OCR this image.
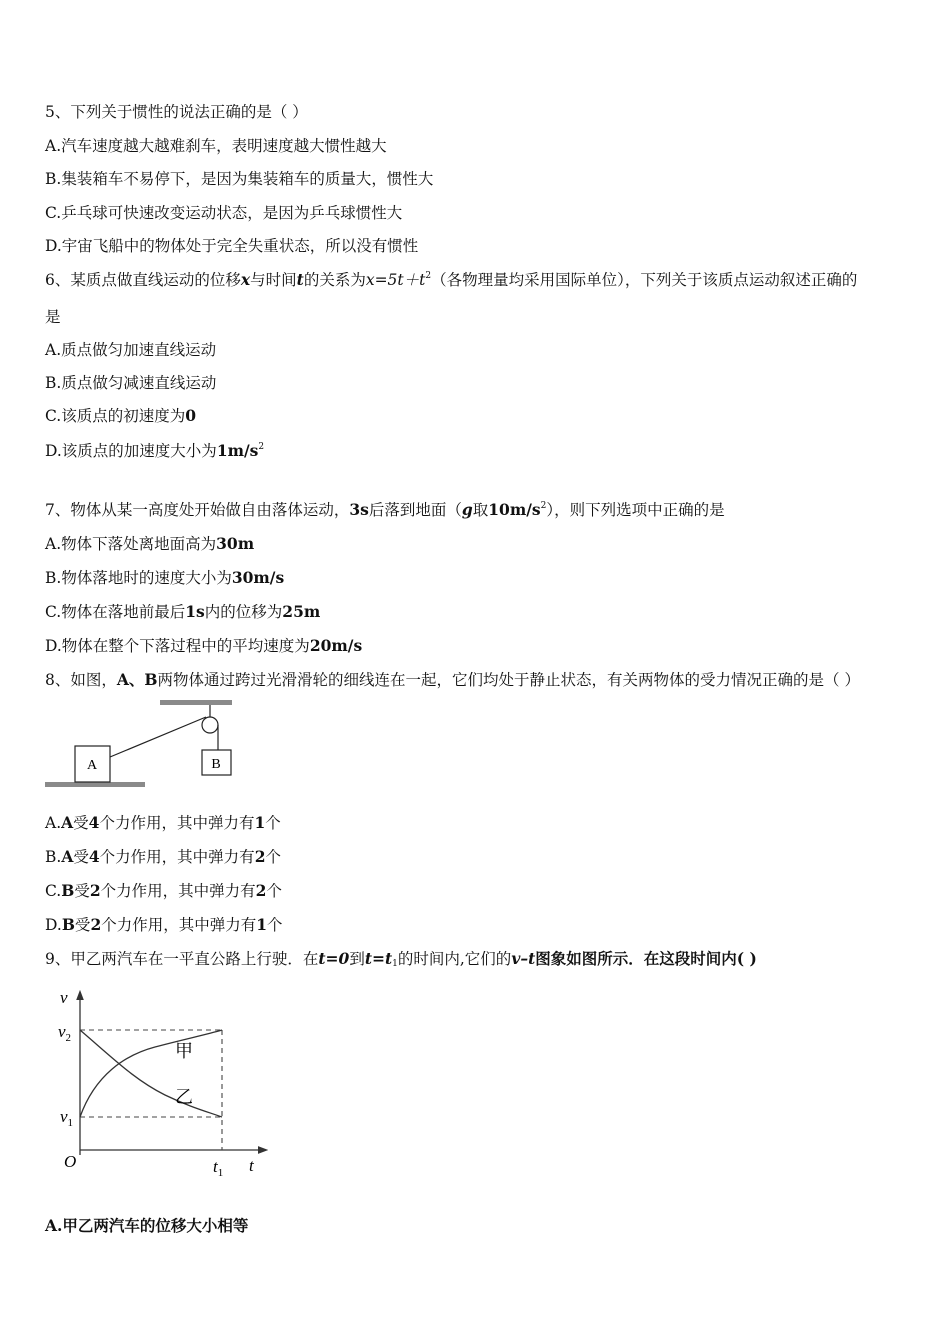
5、下列关于惯性的说法正确的是（ ）
A.汽车速度越大越难刹车，表明速度越大惯性越大
B.集装箱车不易停下，是因为集装箱车的质量大，惯性大
C.乒乓球可快速改变运动状态，是因为乒乓球惯性大
D.宇宙飞船中的物体处于完全失重状态，所以没有惯性
6、某质点做直线运动的位移x与时间t的关系为$x=5t+t^2$（各物理量均采用国际单位），下列关于该质点运动叙述正确的
是
A.质点做匀加速直线运动
B.质点做匀减速直线运动
C.该质点的初速度为0
D.该质点的加速度大小为$1m/s^2$
7、物体从某一高度处开始做自由落体运动，3s后落到地面（g取$10m/s^2$），则下列选项中正确的是
A.物体下落处离地面高为30m
B.物体落地时的速度大小为30m/s
C.物体在落地前最后1s内的位移为25m
D.物体在整个下落过程中的平均速度为20m/s
8、如图，A、B两物体通过跨过光滑滑轮的细线连在一起，它们均处于静止状态，有关两物体的受力情况正确的是（ ）
A	B
A.A受4个力作用，其中弹力有1个
B.A受4个力作用，其中弹力有2个
C.B受2个力作用，其中弹力有2个
D.B受2个力作用，其中弹力有1个
9、甲乙两汽车在一平直公路上行驶．在t=0到$t=t_1$的时间内,它们的v–t图象如图所示．在这段时间内( )
v
$v_2$
$v_1$
O	$t_1$ t
甲
乙
A.甲乙两汽车的位移大小相等
